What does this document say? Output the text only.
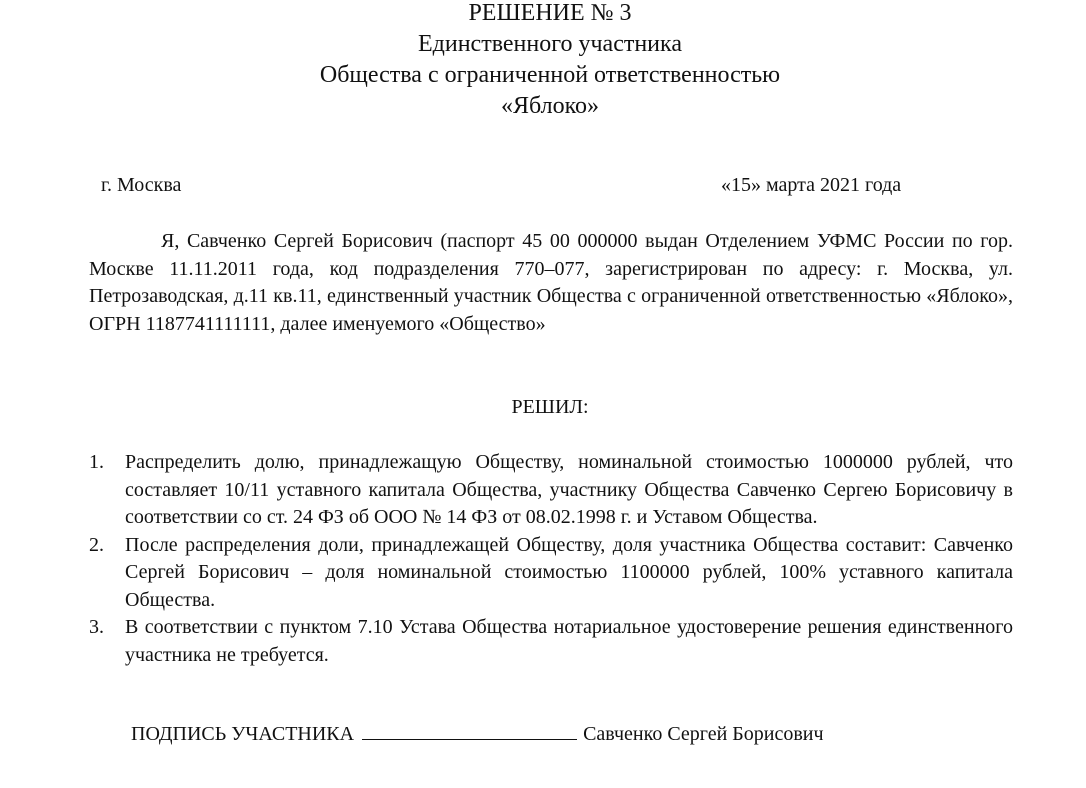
РЕШЕНИЕ № 3
Единственного участника
Общества с ограниченной ответственностью
«Яблоко»
г. Москва	«15» марта 2021 года

Я, Савченко Сергей Борисович (паспорт 45 00 000000 выдан Отделением УФМС России по гор. Москве 11.11.2011 года, код подразделения 770–077, зарегистрирован по адресу: г. Москва, ул. Петрозаводская, д.11 кв.11, единственный участник Общества с ограниченной ответственностью «Яблоко», ОГРН 1187741111111, далее именуемого «Общество»

РЕШИЛ:
1. Распределить долю, принадлежащую Обществу, номинальной стоимостью 1000000 рублей, что составляет 10/11 уставного капитала Общества, участнику Общества Савченко Сергею Борисовичу в соответствии со ст. 24 ФЗ об ООО № 14 ФЗ от 08.02.1998 г. и Уставом Общества.
2. После распределения доли, принадлежащей Обществу, доля участника Общества составит: Савченко Сергей Борисович – доля номинальной стоимостью 1100000 рублей, 100% уставного капитала Общества.
3. В соответствии с пунктом 7.10 Устава Общества нотариальное удостоверение решения единственного участника не требуется.
ПОДПИСЬ УЧАСТНИКА	Савченко Сергей Борисович
